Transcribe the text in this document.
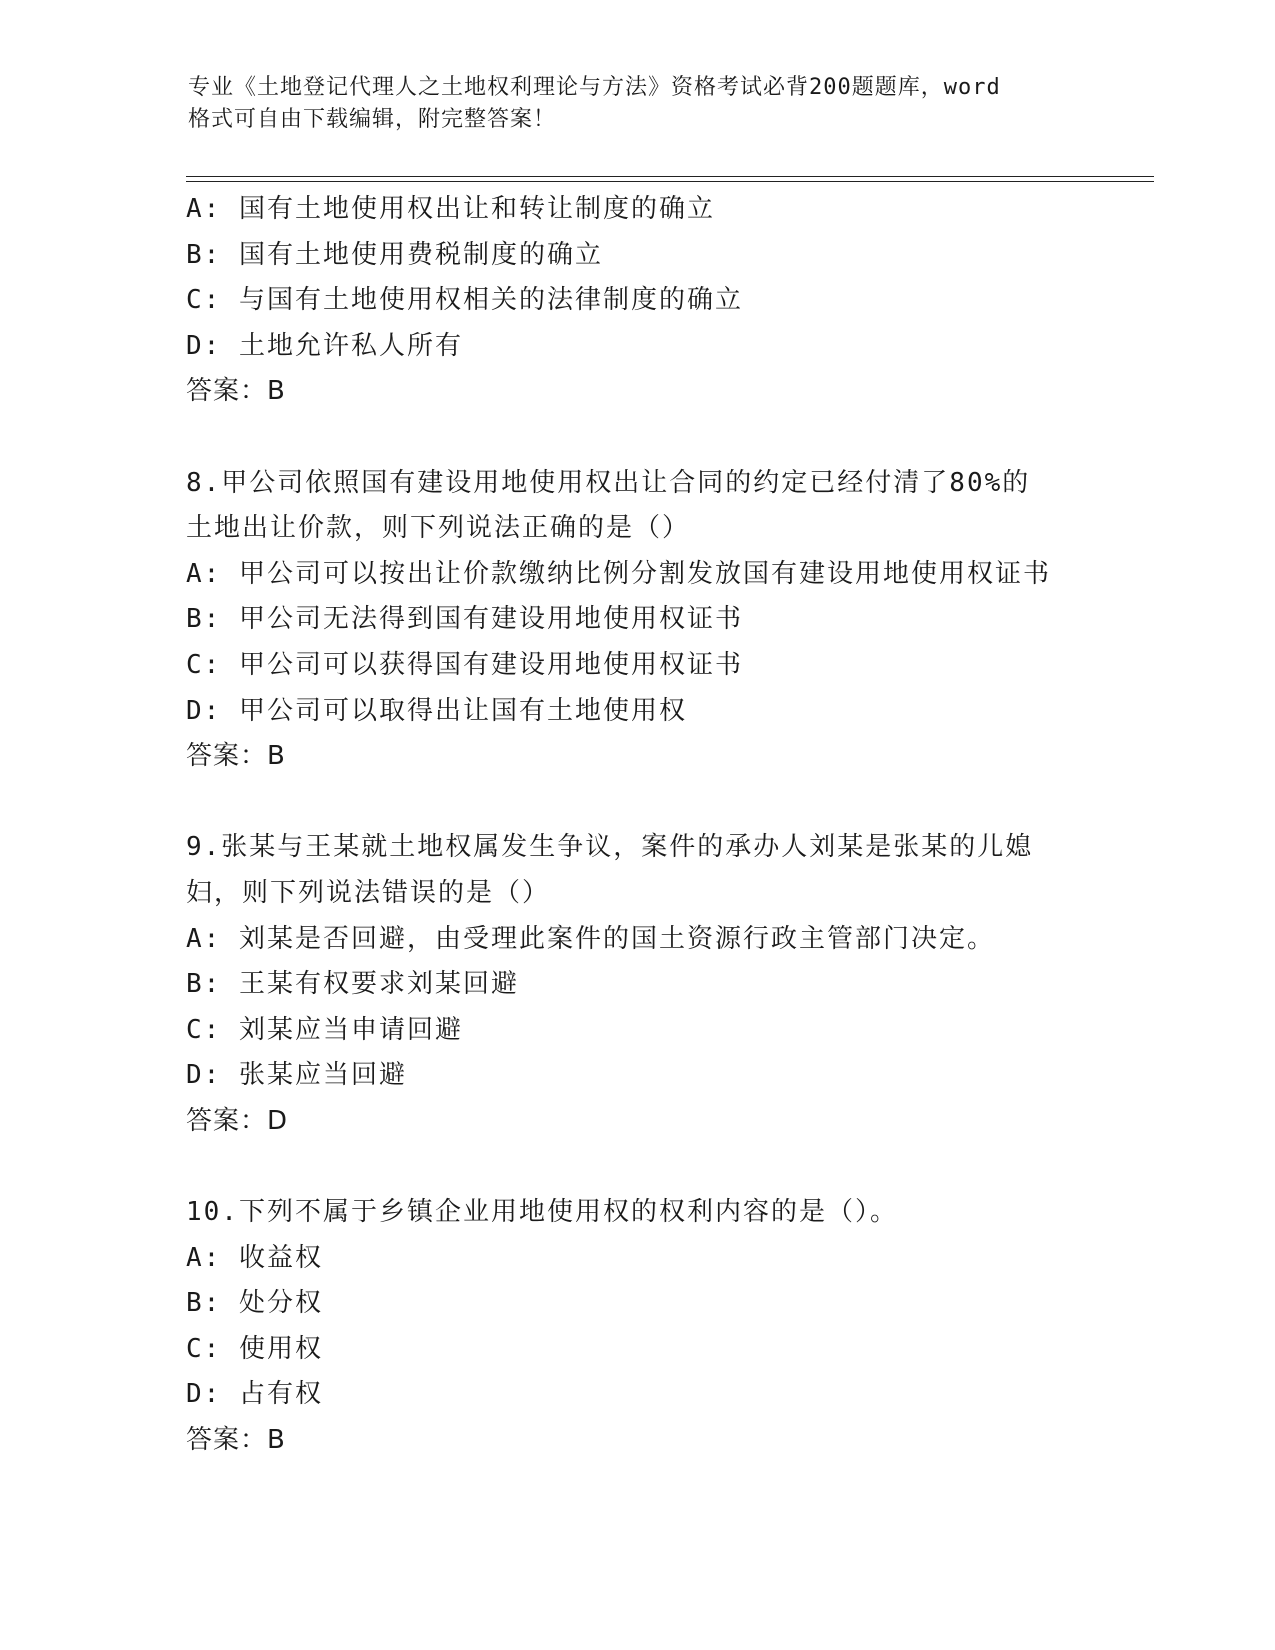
专业《土地登记代理人之土地权利理论与方法》资格考试必背200题题库，word
格式可自由下载编辑，附完整答案！
A: 国有土地使用权出让和转让制度的确立
B: 国有土地使用费税制度的确立
C: 与国有土地使用权相关的法律制度的确立
D: 土地允许私人所有
答案：B
8.甲公司依照国有建设用地使用权出让合同的约定已经付清了80%的
土地出让价款，则下列说法正确的是（）
A: 甲公司可以按出让价款缴纳比例分割发放国有建设用地使用权证书
B: 甲公司无法得到国有建设用地使用权证书
C: 甲公司可以获得国有建设用地使用权证书
D: 甲公司可以取得出让国有土地使用权
答案：B
9.张某与王某就土地权属发生争议，案件的承办人刘某是张某的儿媳
妇，则下列说法错误的是（）
A: 刘某是否回避，由受理此案件的国土资源行政主管部门决定。
B: 王某有权要求刘某回避
C: 刘某应当申请回避
D: 张某应当回避
答案：D
10.下列不属于乡镇企业用地使用权的权利内容的是（）。
A: 收益权
B: 处分权
C: 使用权
D: 占有权
答案：B
